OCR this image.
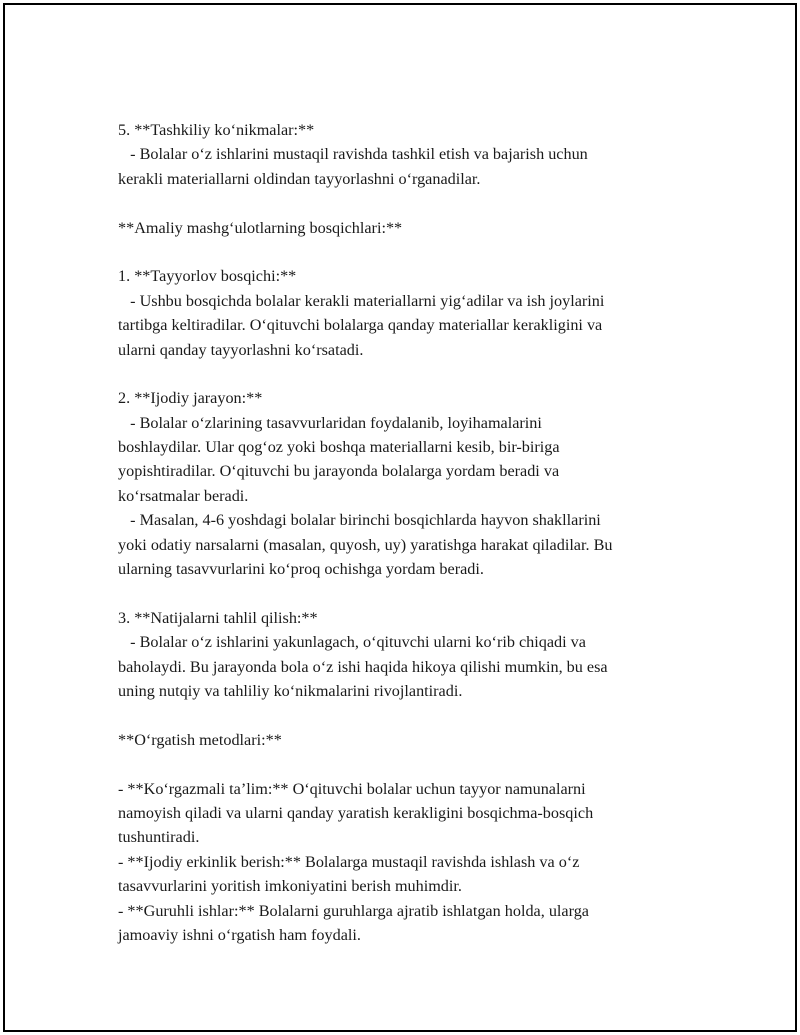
5. **Tashkiliy ko‘nikmalar:**
- Bolalar o‘z ishlarini mustaqil ravishda tashkil etish va bajarish uchun
kerakli materiallarni oldindan tayyorlashni o‘rganadilar.
**Amaliy mashg‘ulotlarning bosqichlari:**
1. **Tayyorlov bosqichi:**
- Ushbu bosqichda bolalar kerakli materiallarni yig‘adilar va ish joylarini
tartibga keltiradilar. O‘qituvchi bolalarga qanday materiallar kerakligini va
ularni qanday tayyorlashni ko‘rsatadi.
2. **Ijodiy jarayon:**
- Bolalar o‘zlarining tasavvurlaridan foydalanib, loyihamalarini
boshlaydilar. Ular qog‘oz yoki boshqa materiallarni kesib, bir-biriga
yopishtiradilar. O‘qituvchi bu jarayonda bolalarga yordam beradi va
ko‘rsatmalar beradi.
- Masalan, 4-6 yoshdagi bolalar birinchi bosqichlarda hayvon shakllarini
yoki odatiy narsalarni (masalan, quyosh, uy) yaratishga harakat qiladilar. Bu
ularning tasavvurlarini ko‘proq ochishga yordam beradi.
3. **Natijalarni tahlil qilish:**
- Bolalar o‘z ishlarini yakunlagach, o‘qituvchi ularni ko‘rib chiqadi va
baholaydi. Bu jarayonda bola o‘z ishi haqida hikoya qilishi mumkin, bu esa
uning nutqiy va tahliliy ko‘nikmalarini rivojlantiradi.
**O‘rgatish metodlari:**
- **Ko‘rgazmali ta’lim:** O‘qituvchi bolalar uchun tayyor namunalarni
namoyish qiladi va ularni qanday yaratish kerakligini bosqichma-bosqich
tushuntiradi.
- **Ijodiy erkinlik berish:** Bolalarga mustaqil ravishda ishlash va o‘z
tasavvurlarini yoritish imkoniyatini berish muhimdir.
- **Guruhli ishlar:** Bolalarni guruhlarga ajratib ishlatgan holda, ularga
jamoaviy ishni o‘rgatish ham foydali.
